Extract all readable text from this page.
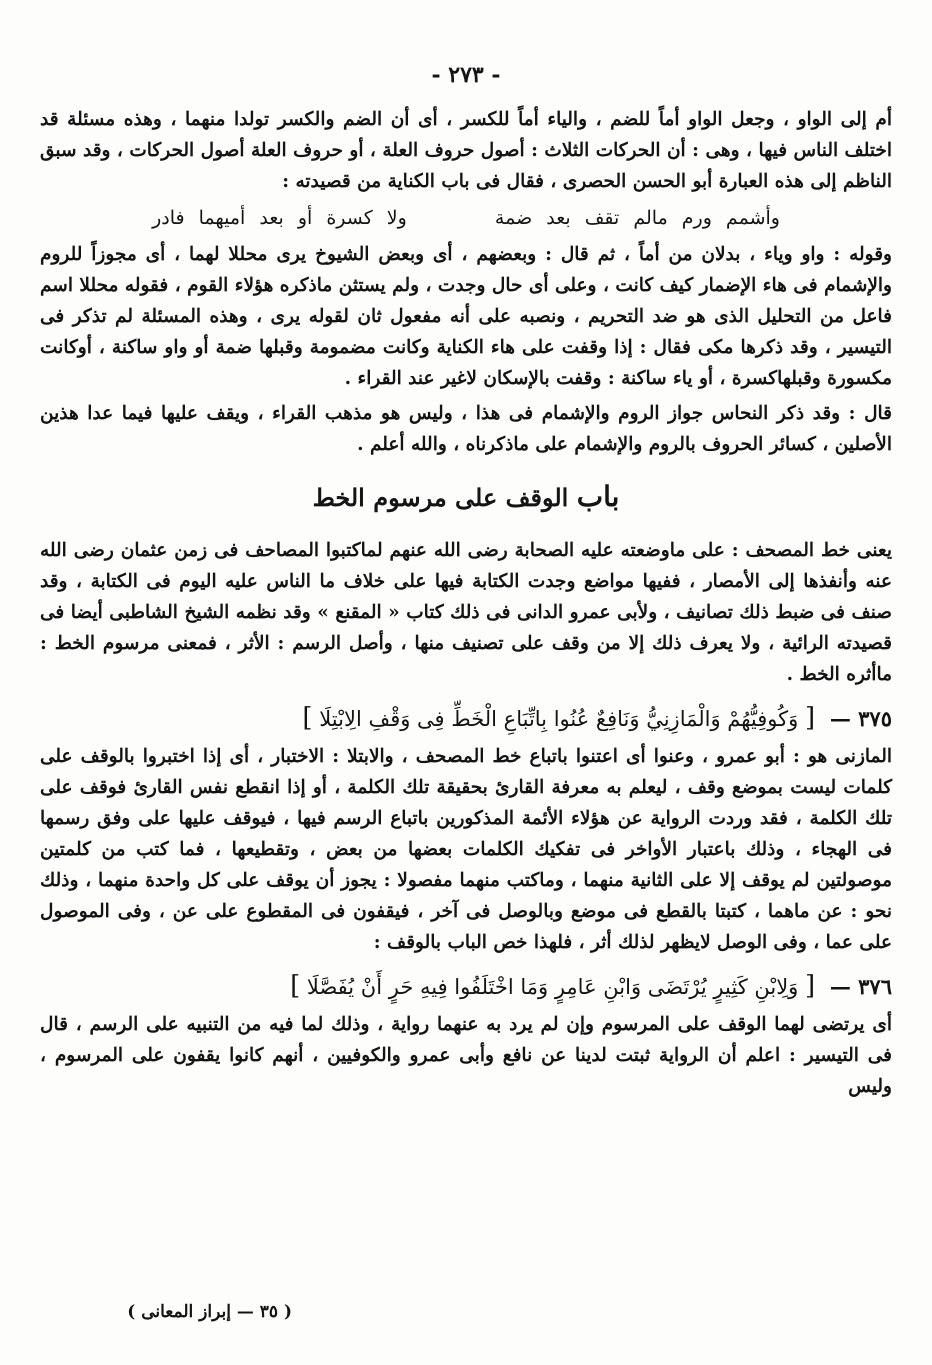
- ٢٧٣ -

أم إلى الواو ، وجعل الواو أماً للضم ، والياء أماً للكسر ، أى أن الضم والكسر تولدا منهما ، وهذه مسئلة قد اختلف الناس فيها ، وهى : أن الحركات الثلاث : أصول حروف العلة ، أو حروف العلة أصول الحركات ، وقد سبق الناظم إلى هذه العبارة أبو الحسن الحصرى ، فقال فى باب الكناية من قصيدته :

وأشمم ورم مالم تقف بعد ضمة  ولا كسرة أو بعد أميهما فادر

وقوله : واو وياء ، بدلان من أماً ، ثم قال : وبعضهم ، أى وبعض الشيوخ يرى محللا لهما ، أى مجوزاً للروم والإشمام فى هاء الإضمار كيف كانت ، وعلى أى حال وجدت ، ولم يستثن ماذكره هؤلاء القوم ، فقوله محللا اسم فاعل من التحليل الذى هو ضد التحريم ، ونصبه على أنه مفعول ثان لقوله يرى ، وهذه المسئلة لم تذكر فى التيسير ، وقد ذكرها مكى فقال : إذا وقفت على هاء الكناية وكانت مضمومة وقبلها ضمة أو واو ساكنة ، أوكانت مكسورة وقبلهاكسرة ، أو ياء ساكنة : وقفت بالإسكان لاغير عند القراء .

قال : وقد ذكر النحاس جواز الروم والإشمام فى هذا ، وليس هو مذهب القراء ، ويقف عليها فيما عدا هذين الأصلين ، كسائر الحروف بالروم والإشمام على ماذكرناه ، والله أعلم .

باب الوقف على مرسوم الخط

يعنى خط المصحف : على ماوضعته عليه الصحابة رضى الله عنهم لماكتبوا المصاحف فى زمن عثمان رضى الله عنه وأنفذها إلى الأمصار ، ففيها مواضع وجدت الكتابة فيها على خلاف ما الناس عليه اليوم فى الكتابة ، وقد صنف فى ضبط ذلك تصانيف ، ولأبى عمرو الدانى فى ذلك كتاب « المقنع » وقد نظمه الشيخ الشاطبى أيضا فى قصيدته الرائية ، ولا يعرف ذلك إلا من وقف على تصنيف منها ، وأصل الرسم : الأثر ، فمعنى مرسوم الخط : ماأثره الخط .

٣٧٥ — [ وَكُوفِيُّهُمْ وَالْمَازِنِيُّ وَنَافِعٌ عُنُوا بِاتِّبَاعِ الْخَطِّ فِى وَقْفِ الِابْتِلَا ]

المازنى هو : أبو عمرو ، وعنوا أى اعتنوا باتباع خط المصحف ، والابتلا : الاختبار ، أى إذا اختبروا بالوقف على كلمات ليست بموضع وقف ، ليعلم به معرفة القارئ بحقيقة تلك الكلمة ، أو إذا انقطع نفس القارئ فوقف على تلك الكلمة ، فقد وردت الرواية عن هؤلاء الأئمة المذكورين باتباع الرسم فيها ، فيوقف عليها على وفق رسمها فى الهجاء ، وذلك باعتبار الأواخر فى تفكيك الكلمات بعضها من بعض ، وتقطيعها ، فما كتب من كلمتين موصولتين لم يوقف إلا على الثانية منهما ، وماكتب منهما مفصولا : يجوز أن يوقف على كل واحدة منهما ، وذلك نحو : عن ماهما ، كتبتا بالقطع فى موضع وبالوصل فى آخر ، فيقفون فى المقطوع على عن ، وفى الموصول على عما ، وفى الوصل لايظهر لذلك أثر ، فلهذا خص الباب بالوقف :

٣٧٦ — [ وَلِابْنِ كَثِيرٍ يُرْتَضَى وَابْنِ عَامِرٍ وَمَا اخْتَلَفُوا فِيهِ حَرٍ أَنْ يُفَصَّلَا ]

أى يرتضى لهما الوقف على المرسوم وإن لم يرد به عنهما رواية ، وذلك لما فيه من التنبيه على الرسم ، قال فى التيسير : اعلم أن الرواية ثبتت لدينا عن نافع وأبى عمرو والكوفيين ، أنهم كانوا يقفون على المرسوم ، وليس

( ٣٥ — إبراز المعانى )
